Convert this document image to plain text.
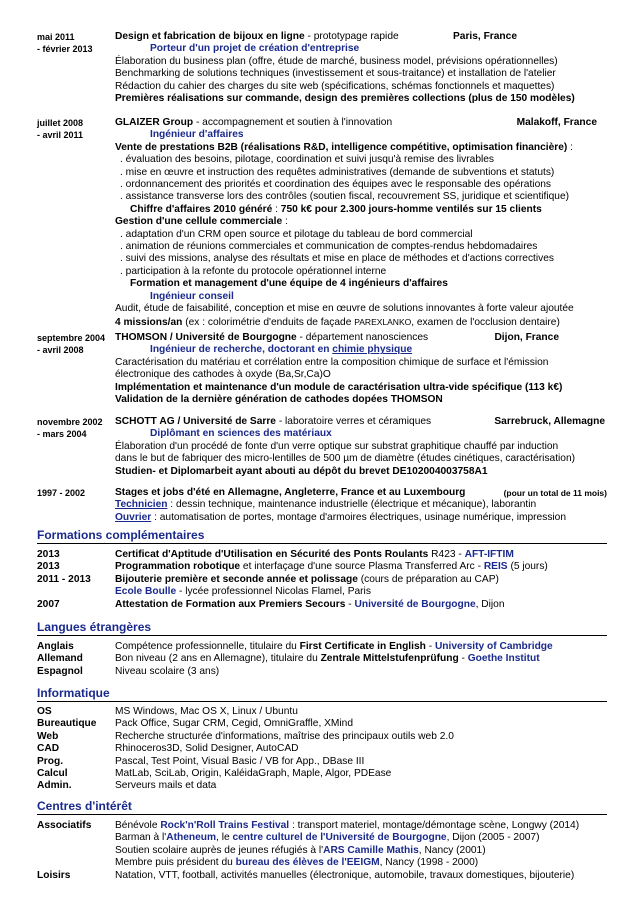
mai 2011
- février 2013
Design et fabrication de bijoux en ligne - prototypage rapide	Paris, France
Porteur d'un projet de création d'entreprise
Élaboration du business plan (offre, étude de marché, business model, prévisions opérationnelles)
Benchmarking de solutions techniques (investissement et sous-traitance) et installation de l'atelier
Rédaction du cahier des charges du site web (spécifications, schémas fonctionnels et maquettes)
Premières réalisations sur commande, design des premières collections (plus de 150 modèles)
juillet 2008
- avril 2011
GLAIZER Group - accompagnement et soutien à l'innovation	Malakoff, France
Ingénieur d'affaires
Vente de prestations B2B (réalisations R&D, intelligence compétitive, optimisation financière) :
. évaluation des besoins, pilotage, coordination et suivi jusqu'à remise des livrables
. mise en œuvre et instruction des requêtes administratives (demande de subventions et statuts)
. ordonnancement des priorités et coordination des équipes avec le responsable des opérations
. assistance transverse lors des contrôles (soutien fiscal, recouvrement SS, juridique et scientifique)
Chiffre d'affaires 2010 généré : 750 k€ pour 2.300 jours-homme ventilés sur 15 clients
Gestion d'une cellule commerciale :
. adaptation d'un CRM open source et pilotage du tableau de bord commercial
. animation de réunions commerciales et communication de comptes-rendus hebdomadaires
. suivi des missions, analyse des résultats et mise en place de méthodes et d'actions correctives
. participation à la refonte du protocole opérationnel interne
Formation et management d'une équipe de 4 ingénieurs d'affaires
Ingénieur conseil
Audit, étude de faisabilité, conception et mise en œuvre de solutions innovantes à forte valeur ajoutée
4 missions/an (ex : colorimétrie d'enduits de façade PAREXLANKO, examen de l'occlusion dentaire)
septembre 2004
- avril 2008
THOMSON / Université de Bourgogne - département nanosciences	Dijon, France
Ingénieur de recherche, doctorant en chimie physique
Caractérisation du matériau et corrélation entre la composition chimique de surface et l'émission
électronique des cathodes à oxyde (Ba,Sr,Ca)O
Implémentation et maintenance d'un module de caractérisation ultra-vide spécifique (113 k€)
Validation de la dernière génération de cathodes dopées THOMSON
novembre 2002
- mars 2004
SCHOTT AG / Université de Sarre - laboratoire verres et céramiques	Sarrebruck, Allemagne
Diplômant en sciences des matériaux
Élaboration d'un procédé de fonte d'un verre optique sur substrat graphitique chauffé par induction
dans le but de fabriquer des micro-lentilles de 500 µm de diamètre (études cinétiques, caractérisation)
Studien- et Diplomarbeit ayant abouti au dépôt du brevet DE102004003758A1
1997 - 2002	Stages et jobs d'été en Allemagne, Angleterre, France et au Luxembourg	(pour un total de 11 mois)
Technicien : dessin technique, maintenance industrielle (électrique et mécanique), laborantin
Ouvrier : automatisation de portes, montage d'armoires électriques, usinage numérique, impression
Formations complémentaires
2013	Certificat d'Aptitude d'Utilisation en Sécurité des Ponts Roulants R423 - AFT-IFTIM
2013	Programmation robotique et interfaçage d'une source Plasma Transferred Arc - REIS (5 jours)
2011 - 2013	Bijouterie première et seconde année et polissage (cours de préparation au CAP)
Ecole Boulle - lycée professionnel Nicolas Flamel, Paris
2007	Attestation de Formation aux Premiers Secours - Université de Bourgogne, Dijon
Langues étrangères
Anglais	Compétence professionnelle, titulaire du First Certificate in English - University of Cambridge
Allemand	Bon niveau (2 ans en Allemagne), titulaire du Zentrale Mittelstufenprüfung - Goethe Institut
Espagnol	Niveau scolaire (3 ans)
Informatique
OS	MS Windows, Mac OS X, Linux / Ubuntu
Bureautique	Pack Office, Sugar CRM, Cegid, OmniGraffle, XMind
Web	Recherche structurée d'informations, maîtrise des principaux outils web 2.0
CAD	Rhinoceros3D, Solid Designer, AutoCAD
Prog.	Pascal, Test Point, Visual Basic / VB for App., DBase III
Calcul	MatLab, SciLab, Origin, KaléidaGraph, Maple, Algor, PDEase
Admin.	Serveurs mails et data
Centres d'intérêt
Associatifs	Bénévole Rock'n'Roll Trains Festival : transport materiel, montage/démontage scène, Longwy (2014)
Barman à l'Atheneum, le centre culturel de l'Université de Bourgogne, Dijon (2005 - 2007)
Soutien scolaire auprès de jeunes réfugiés à l'ARS Camille Mathis, Nancy (2001)
Membre puis président du bureau des élèves de l'EEIGM, Nancy (1998 - 2000)
Loisirs	Natation, VTT, football, activités manuelles (électronique, automobile, travaux domestiques, bijouterie)
